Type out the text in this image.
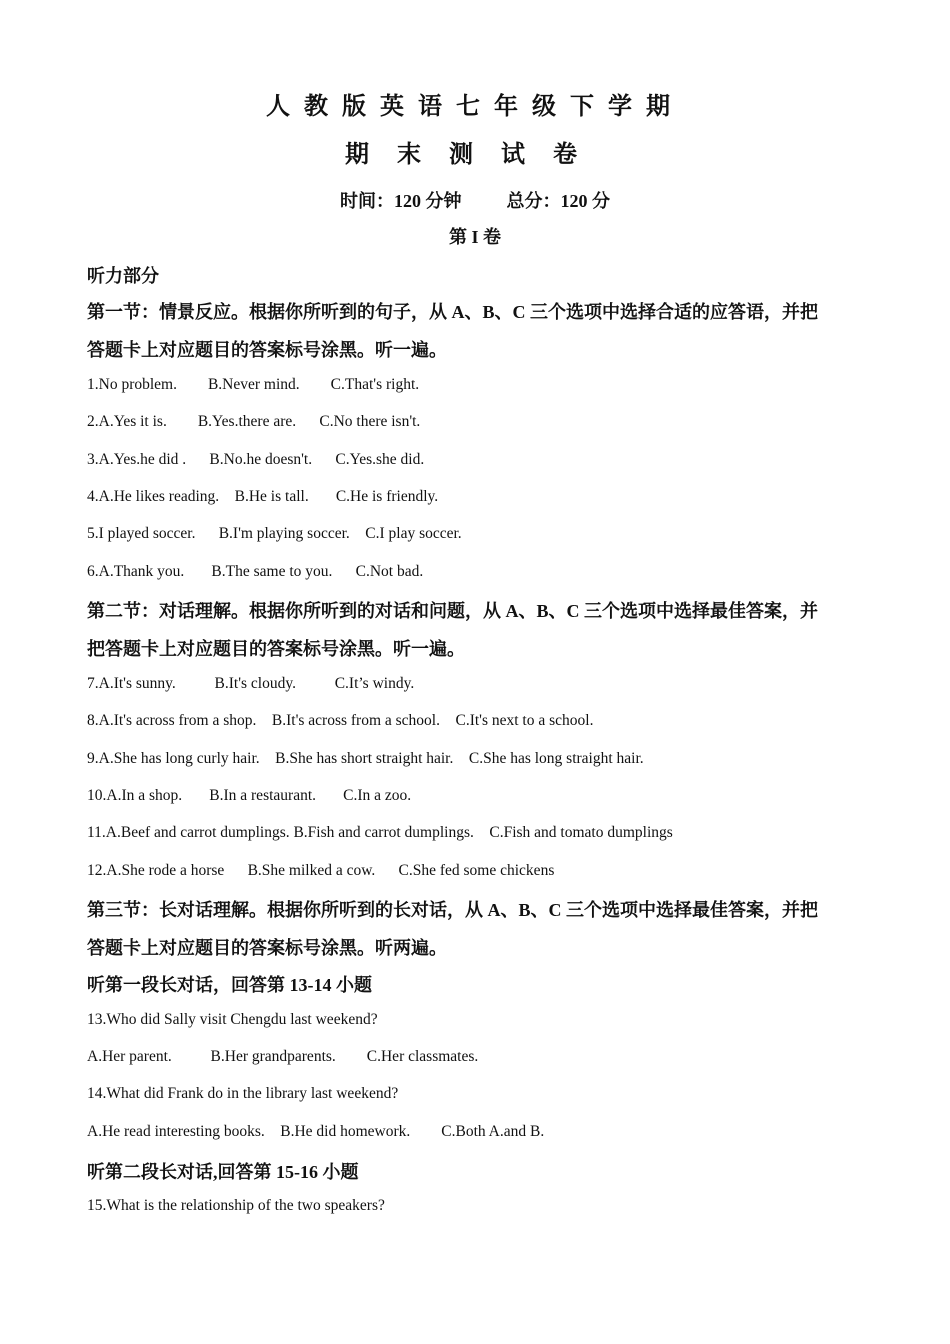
人教版英语七年级下学期
期末测试卷
时间：120 分钟          总分：120 分
第 I 卷
听力部分
第一节：情景反应。根据你所听到的句子，从 A、B、C 三个选项中选择合适的应答语，并把
答题卡上对应题目的答案标号涂黑。听一遍。
1.No problem.        B.Never mind.        C.That's right.
2.A.Yes it is.        B.Yes.there are.      C.No there isn't.
3.A.Yes.he did .      B.No.he doesn't.      C.Yes.she did.
4.A.He likes reading.    B.He is tall.       C.He is friendly.
5.I played soccer.      B.I'm playing soccer.    C.I play soccer.
6.A.Thank you.       B.The same to you.      C.Not bad.
第二节：对话理解。根据你所听到的对话和问题，从 A、B、C 三个选项中选择最佳答案，并
把答题卡上对应题目的答案标号涂黑。听一遍。
7.A.It's sunny.          B.It's cloudy.          C.It’s windy.
8.A.It's across from a shop.    B.It's across from a school.    C.It's next to a school.
9.A.She has long curly hair.    B.She has short straight hair.    C.She has long straight hair.
10.A.In a shop.       B.In a restaurant.       C.In a zoo.
11.A.Beef and carrot dumplings. B.Fish and carrot dumplings.    C.Fish and tomato dumplings
12.A.She rode a horse      B.She milked a cow.      C.She fed some chickens
第三节：长对话理解。根据你所听到的长对话，从 A、B、C 三个选项中选择最佳答案，并把
答题卡上对应题目的答案标号涂黑。听两遍。
听第一段长对话，回答第 13-14 小题
13.Who did Sally visit Chengdu last weekend?
A.Her parent.          B.Her grandparents.        C.Her classmates.
14.What did Frank do in the library last weekend?
A.He read interesting books.    B.He did homework.        C.Both A.and B.
听第二段长对话,回答第 15-16 小题
15.What is the relationship of the two speakers?
